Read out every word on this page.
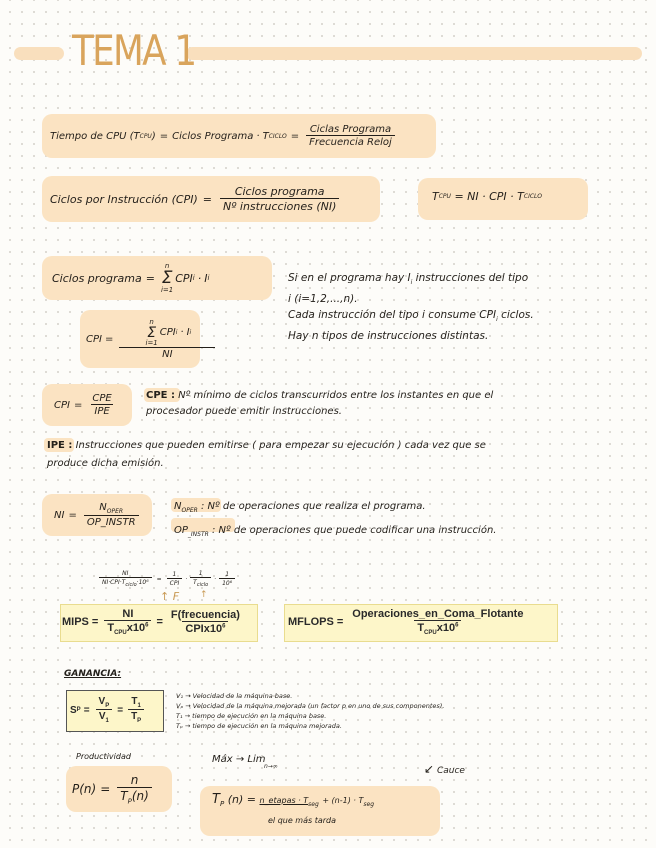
TEMA 1
Tiempo de CPU (T CPU ) = Ciclos Programa · T CICLO = $\frac{\text{Ciclas Programa}}{\text{Frecuencia Reloj}}$
Ciclos por Instrucción $(CPI) = \frac{\text{Ciclos programa}}{\text{Nº instrucciones (NI)}}$	T CPU
= NI · CPI · T CICLO
Ciclos programa =
n
Σ
i=1
CPI i · I i
CPI = n
Σ
i=1
CPI i · I i
NI
Si en el programa hay $I_i$ instrucciones del tipo
i (i=1,2,...,n).
Cada instrucción del tipo i consume $CPI_i$ ciclos.
Hay n tipos de instrucciones distintas.
CPI = $\frac{\text{CPE}}{\text{IPE}}$	CPE : Nº mínimo de ciclos transcurridos entre los instantes en que el
procesador puede emitir instrucciones.
IPE : Instrucciones que pueden emitirse ( para empezar su ejecución ) cada vez que se
produce dicha emisión.
NI = $\frac{N_{OPER}}{\text{OP\_INSTR}}$	$N_{OPER}$ : Nº de operaciones que realiza el programa.
$OP_{\_INSTR}$ : Nº de operaciones que puede codificar una instrucción.
$\frac{NI}{NI\cdot CPI\cdot T_{ciclo}\cdot 10^6} = \frac{1}{\text{CPI}} \cdot \frac{1}{T_{ciclo}} \cdot \frac{1}{\text{10⁶}}$
↑ F ↑
MIPS = $\frac{NI}{T_{CPU}x10^6} = \frac{\text{F(frecuencia)}}{CPIx10^6}$	MFLOPS = $\frac{\text{Operaciones\_en\_Coma\_Flotante}}{T_{CPU}x10^6}$
GANANCIA:
S $P = \frac{V_P}{V_1} = \frac{T_1}{T_P}$	V₁ → Velocidad de la máquina base.
Vₚ → Velocidad de la máquina mejorada (un factor p en uno de sus componentes).
T₁ → tiempo de ejecución en la máquina base.
Tₚ → tiempo de ejecución en la máquina mejorada.
Productividad
$P(n) = \frac{n}{T_P(n)}$
Máx → Lim
n→∞	↙ Cauce
$T_P$ (n) = n_etapas · $T_{seg} + (n-1) \cdot T_{seg}$
el que más tarda
